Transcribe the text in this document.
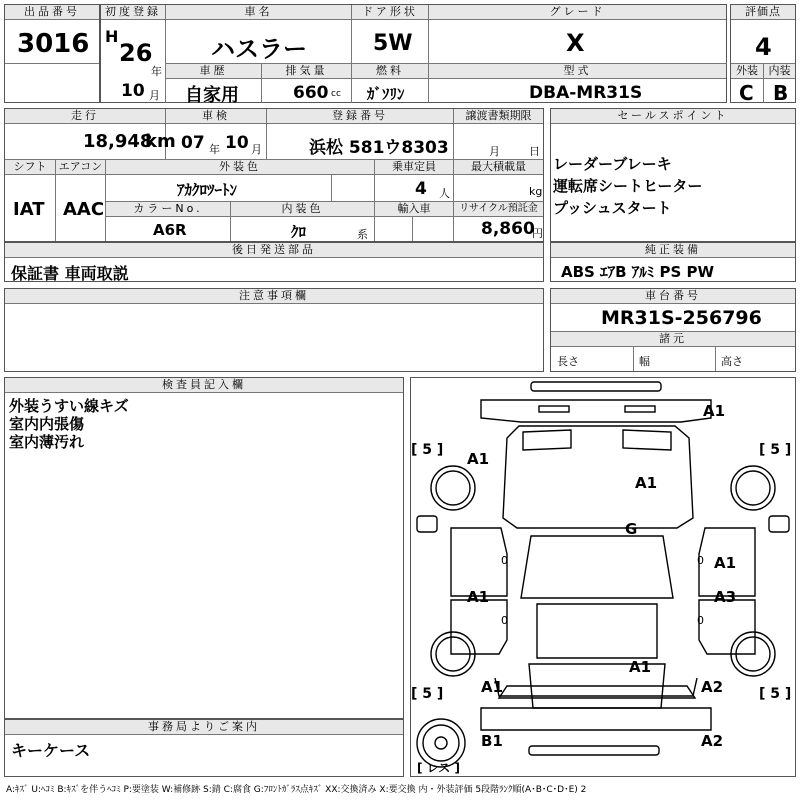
出品番号
3016
初度登録	車名	ドア形状	グレード
H
26
年
ハスラー	5W	X
車歴	排気量	燃料	型式
10 月 自家用	660 cc ｶﾞｿﾘﾝ	DBA-MR31S
評価点
4
外装 内装
C B
走行	車検	登録番号	譲渡書類期限
18,948
km 07 年 10 月	浜松 581ウ8303	月	日
シフト	エアコン	外装色	乗車定員	最大積載量
IAT AAC
ｱｶｸﾛﾂｰﾄﾝ	4 人	kg
カラーNo.	内装色	輸入車	リサイクル預託金
A6R	ｸﾛ	系	8,860
円
後日発送部品
保証書 車両取説
セールスポイント
レーダーブレーキ
運転席シートヒーター
プッシュスタート
純正装備
ABS ｴｱB ｱﾙﾐ PS PW
注意事項欄	車台番号
MR31S-256796
諸元
長さ	幅	高さ
検査員記入欄
外装うすい線キズ
室内内張傷
室内薄汚れ
事務局よりご案内
キーケース
A1
A1
A1
G
A1
A1	A3
A1
A1	A2
B1	A2
[ 5 ]	[ 5 ]
[ 5 ]	[ 5 ]
0	0
0	0
[ レス ]
A:ｷｽﾞ U:ﾍｺﾐ B:ｷｽﾞを伴うﾍｺﾐ P:要塗装 W:補修跡 S:錆 C:腐食 G:ﾌﾛﾝﾄｶﾞﾗｽ点ｷｽﾞ XX:交換済み X:要交換 内・外装評価 5段階ﾗﾝｸ順(A･B･C･D･E) 2
